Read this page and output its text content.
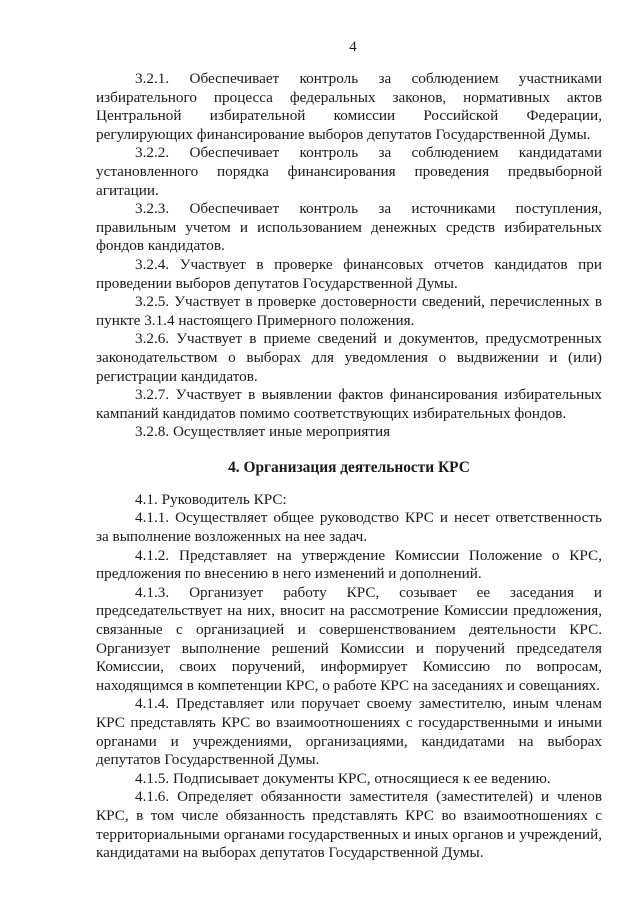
4

3.2.1. Обеспечивает контроль за соблюдением участниками избирательного процесса федеральных законов, нормативных актов Центральной избирательной комиссии Российской Федерации, регулирующих финансирование выборов депутатов Государственной Думы.

3.2.2. Обеспечивает контроль за соблюдением кандидатами установленного порядка финансирования проведения предвыборной агитации.

3.2.3. Обеспечивает контроль за источниками поступления, правильным учетом и использованием денежных средств избирательных фондов кандидатов.

3.2.4. Участвует в проверке финансовых отчетов кандидатов при проведении выборов депутатов Государственной Думы.

3.2.5. Участвует в проверке достоверности сведений, перечисленных в пункте 3.1.4 настоящего Примерного положения.

3.2.6. Участвует в приеме сведений и документов, предусмотренных законодательством о выборах для уведомления о выдвижении и (или) регистрации кандидатов.

3.2.7. Участвует в выявлении фактов финансирования избирательных кампаний кандидатов помимо соответствующих избирательных фондов.

3.2.8. Осуществляет иные мероприятия

4. Организация деятельности КРС

4.1. Руководитель КРС:

4.1.1. Осуществляет общее руководство КРС и несет ответственность за выполнение возложенных на нее задач.

4.1.2. Представляет на утверждение Комиссии Положение о КРС, предложения по внесению в него изменений и дополнений.

4.1.3. Организует работу КРС, созывает ее заседания и председательствует на них, вносит на рассмотрение Комиссии предложения, связанные с организацией и совершенствованием деятельности КРС. Организует выполнение решений Комиссии и поручений председателя Комиссии, своих поручений, информирует Комиссию по вопросам, находящимся в компетенции КРС, о работе КРС на заседаниях и совещаниях.

4.1.4. Представляет или поручает своему заместителю, иным членам КРС представлять КРС во взаимоотношениях с государственными и иными органами и учреждениями, организациями, кандидатами на выборах депутатов Государственной Думы.

4.1.5. Подписывает документы КРС, относящиеся к ее ведению.

4.1.6. Определяет обязанности заместителя (заместителей) и членов КРС, в том числе обязанность представлять КРС во взаимоотношениях с территориальными органами государственных и иных органов и учреждений, кандидатами на выборах депутатов Государственной Думы.
